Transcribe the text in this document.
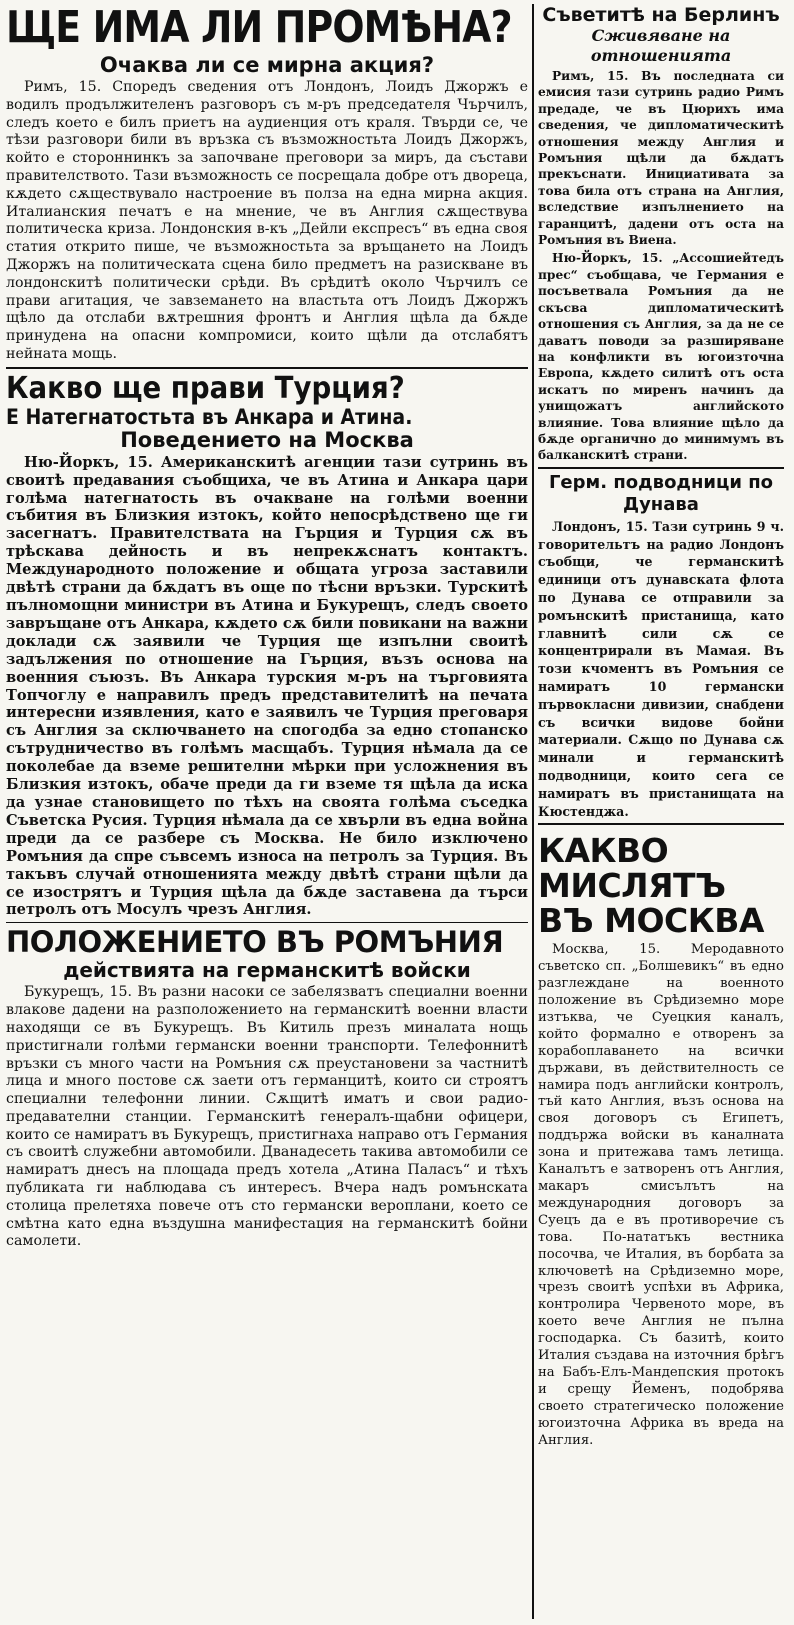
ЩЕ ИМА ЛИ ПРОМѢНА?
Очаква ли се мирна акция?

Римъ, 15. Споредъ сведения отъ Лондонъ, Лоидъ Джоржъ е водилъ продължителенъ разговоръ съ м-ръ председателя Чърчилъ, следъ което е билъ приетъ на аудиенция отъ краля. Твърди се, че тѣзи разговори били въ връзка съ възможностьта Лоидъ Джоржъ, който е стороннинкъ за започване преговори за миръ, да състави правителството. Тази възможность се посрещала добре отъ двореца, кѫдето сѫществувало настроение въ полза на една мирна акция. Италианския печатъ е на мнение, че въ Англия сѫществува политическа криза. Лондонския в-къ „Дейли експресъ“ въ една своя статия открито пише, че възможностьта за връщането на Лоидъ Джоржъ на политическата сцена било предметъ на разискване въ лондонскитѣ политически срѣди. Въ срѣдитѣ около Чърчилъ се прави агитация, че завземането на властьта отъ Лоидъ Джоржъ щѣло да отслаби вѫтрешния фронтъ и Англия щѣла да бѫде принудена на опасни компромиси, които щѣли да отслабятъ нейната мощь.

Какво ще прави Турция?
Е Натегнатостьта въ Анкара и Атина.
Поведението на Москва

Ню-Йоркъ, 15. Американскитѣ агенции тази сутринь въ своитѣ предавания съобщиха, че въ Атина и Анкара цари голѣма натегнатость въ очакване на голѣми военни събития въ Близкия изтокъ, който непосрѣдствено ще ги засегнатъ. Правителствата на Гърция и Турция сѫ въ трѣскава дейность и въ непрекѫснатъ контактъ. Международното положение и общата угроза заставили двѣтѣ страни да бѫдатъ въ още по тѣсни връзки. Турскитѣ пълномощни министри въ Атина и Букурещъ, следъ своето завръщане отъ Анкара, кѫдето сѫ били повикани на важни доклади сѫ заявили че Турция ще изпълни своитѣ задължения по отношение на Гърция, възъ основа на военния съюзъ. Въ Анкара турския м-ръ на търговията Топчоглу е направилъ предъ представителитѣ на печата интересни изявления, като е заявилъ че Турция преговаря съ Англия за сключването на спогодба за едно стопанско сътрудничество въ голѣмъ масщабъ. Турция нѣмала да се поколебае да вземе решителни мѣрки при усложнения въ Близкия изтокъ, обаче преди да ги вземе тя щѣла да иска да узнае становището по тѣхъ на своята голѣма съседка Съветска Русия. Турция нѣмала да се хвърли въ една война преди да се разбере съ Москва. Не било изключено Ромъния да спре съвсемъ износа на петролъ за Турция. Въ такъвъ случай отношенията между двѣтѣ страни щѣли да се изострятъ и Турция щѣла да бѫде заставена да търси петролъ отъ Мосулъ чрезъ Англия.

ПОЛОЖЕНИЕТО ВЪ РОМЪНИЯ
действията на германскитѣ войски

Букурещъ, 15. Въ разни насоки се забелязватъ специални военни влакове дадени на разположението на германскитѣ военни власти находящи се въ Букурещъ. Въ Китиль презъ миналата нощь пристигнали голѣми германски военни транспорти. Телефоннитѣ връзки съ много части на Ромъния сѫ преустановени за частнитѣ лица и много постове сѫ заети отъ германцитѣ, които си строятъ специални телефонни линии. Сѫщитѣ иматъ и свои радио-предавателни станции. Германскитѣ генералъ-щабни офицери, които се намиратъ въ Букурещъ, пристигнаха направо отъ Германия съ своитѣ служебни автомобили. Дванадесеть такива автомобили се намиратъ днесъ на площада предъ хотела „Атина Паласъ“ и тѣхъ публиката ги наблюдава съ интересъ. Вчера надъ ромънската столица прелетяха повече отъ сто германски вероплани, което се смѣтна като една въздушна манифестация на германскитѣ бойни самолети.

Съветитѣ на Берлинъ
Сживяване на отношенията

Римъ, 15. Въ последната си емисия тази сутринь радио Римъ предаде, че въ Цюрихъ има сведения, че дипломатическитѣ отношения между Англия и Ромъния щѣли да бѫдатъ прекъснати. Инициативата за това била отъ страна на Англия, вследствие изпълнението на гаранцитѣ, дадени отъ оста на Ромъния въ Виена.

Ню-Йоркъ, 15. „Ассошиейтедъ прес“ съобщава, че Германия е посъветвала Ромъния да не скъсва дипломатическитѣ отношения съ Англия, за да не се даватъ поводи за разширяване на конфликти въ югоизточна Европа, кѫдето силитѣ отъ оста искатъ по миренъ начинъ да унищожатъ английското влияние. Това влияние щѣло да бѫде органично до минимумъ въ балканскитѣ страни.

Герм. подводници по Дунава

Лондонъ, 15. Тази сутринь 9 ч. говорительтъ на радио Лондонъ съобщи, че германскитѣ единици отъ дунавската флота по Дунава се отправили за ромънскитѣ пристанища, като главнитѣ сили сѫ се концентрирали въ Мамая. Въ този кчоментъ въ Ромъния се намиратъ 10 германски първокласни дивизии, снабдени съ всички видове бойни материали. Сѫщо по Дунава сѫ минали и германскитѣ подводници, които сега се намиратъ въ пристанищата на Кюстенджа.

КАКВО МИСЛЯТЪ ВЪ МОСКВА

Москва, 15. Меродавното съветско сп. „Болшевикъ“ въ едно разглеждане на военното положение въ Срѣдиземно море изтъква, че Суецкия каналъ, който формално е отворенъ за корабоплаването на всички държави, въ действителность се намира подъ английски контролъ, тъй като Англия, възъ основа на своя договоръ съ Египетъ, поддържа войски въ каналната зона и притежава тамъ летища. Каналътъ е затворенъ отъ Англия, макаръ смисълътъ на международния договоръ за Суецъ да е въ противоречие съ това. По-нататъкъ вестника посочва, че Италия, въ борбата за ключоветѣ на Срѣдиземно море, чрезъ своитѣ успѣхи въ Африка, контролира Червеното море, въ което вече Англия не пълна господарка. Съ базитѣ, които Италия създава на източния брѣгъ на Бабъ-Елъ-Мандепския протокъ и срещу Йеменъ, подобрява своето стратегическо положение югоизточна Африка въ вреда на Англия.
